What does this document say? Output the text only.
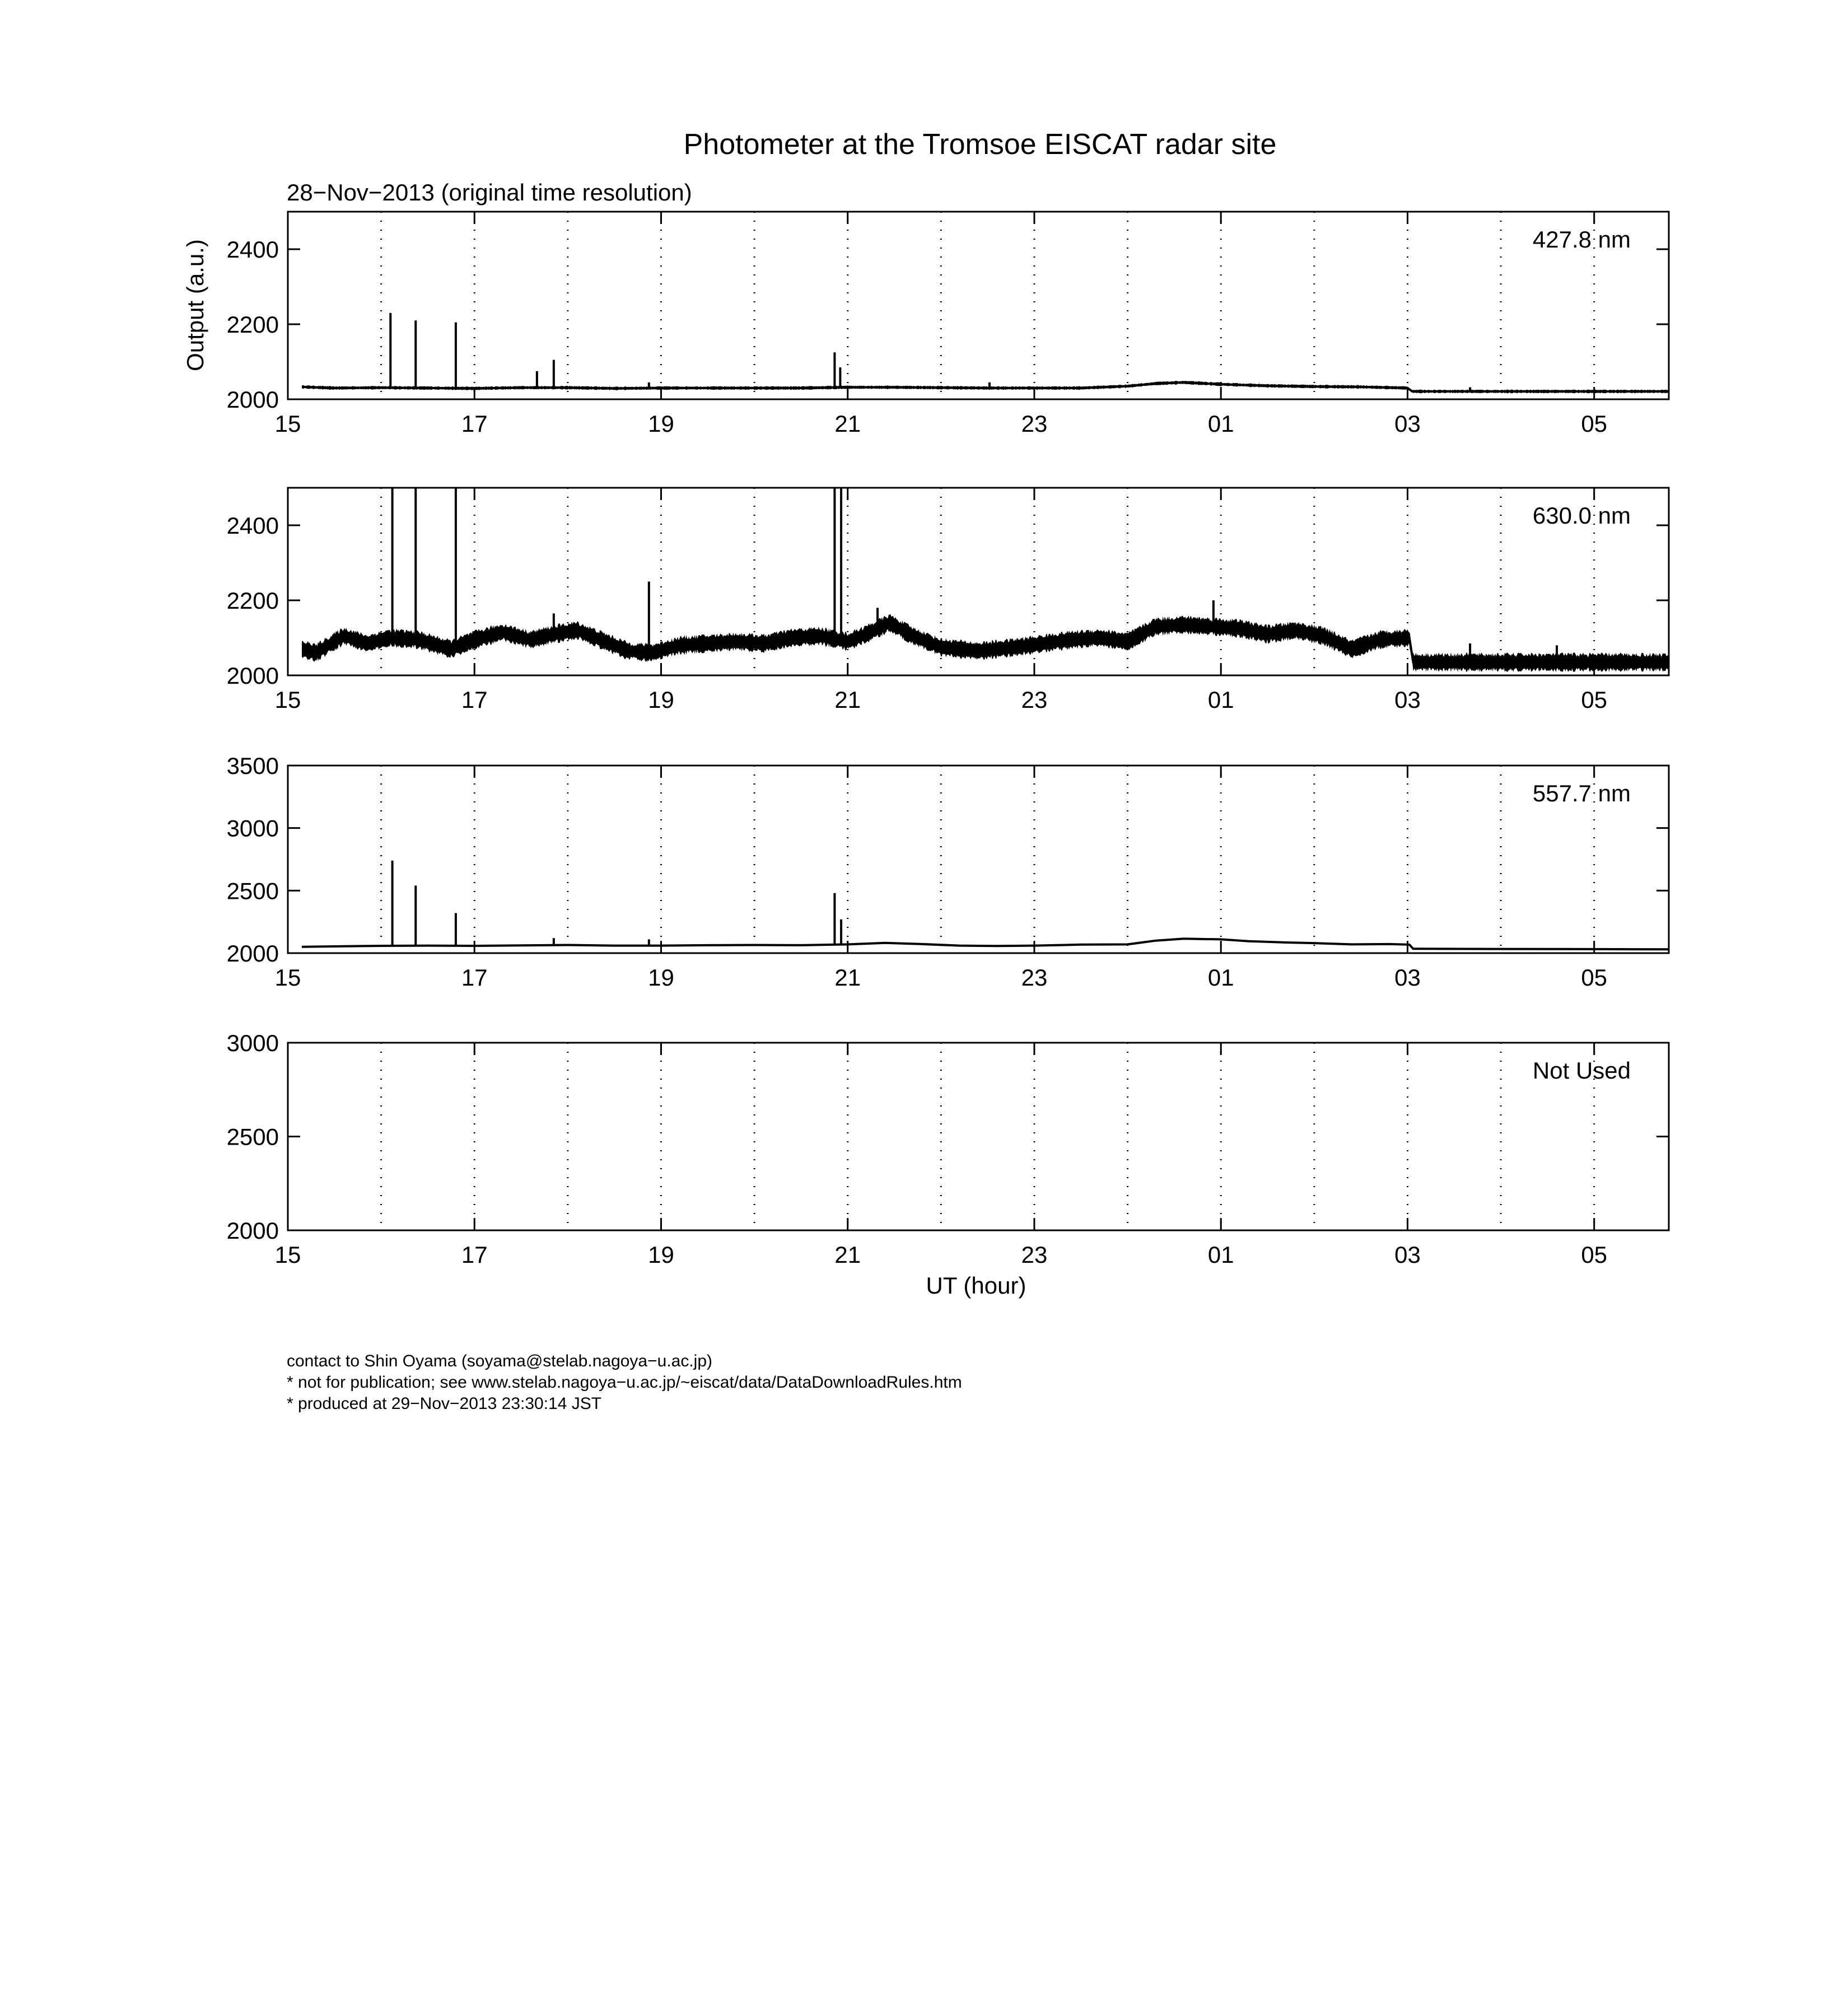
Photometer at the Tromsoe EISCAT radar site
28−Nov−2013 (original time resolution)
Output (a.u.)
15	17	19	21	23	01	03	05
2000
2200
2400	427.8 nm
15	17	19	21	23	01	03	05
2000
2200
2400	630.0 nm
15	17	19	21	23	01	03	05
2000
2500
3000
3500
557.7 nm
UT (hour)
15	17	19	21	23	01	03	05
2000
2500
3000
Not Used
contact to Shin Oyama (soyama@stelab.nagoya−u.ac.jp)
* not for publication; see www.stelab.nagoya−u.ac.jp/~eiscat/data/DataDownloadRules.htm
* produced at 29−Nov−2013 23:30:14 JST
